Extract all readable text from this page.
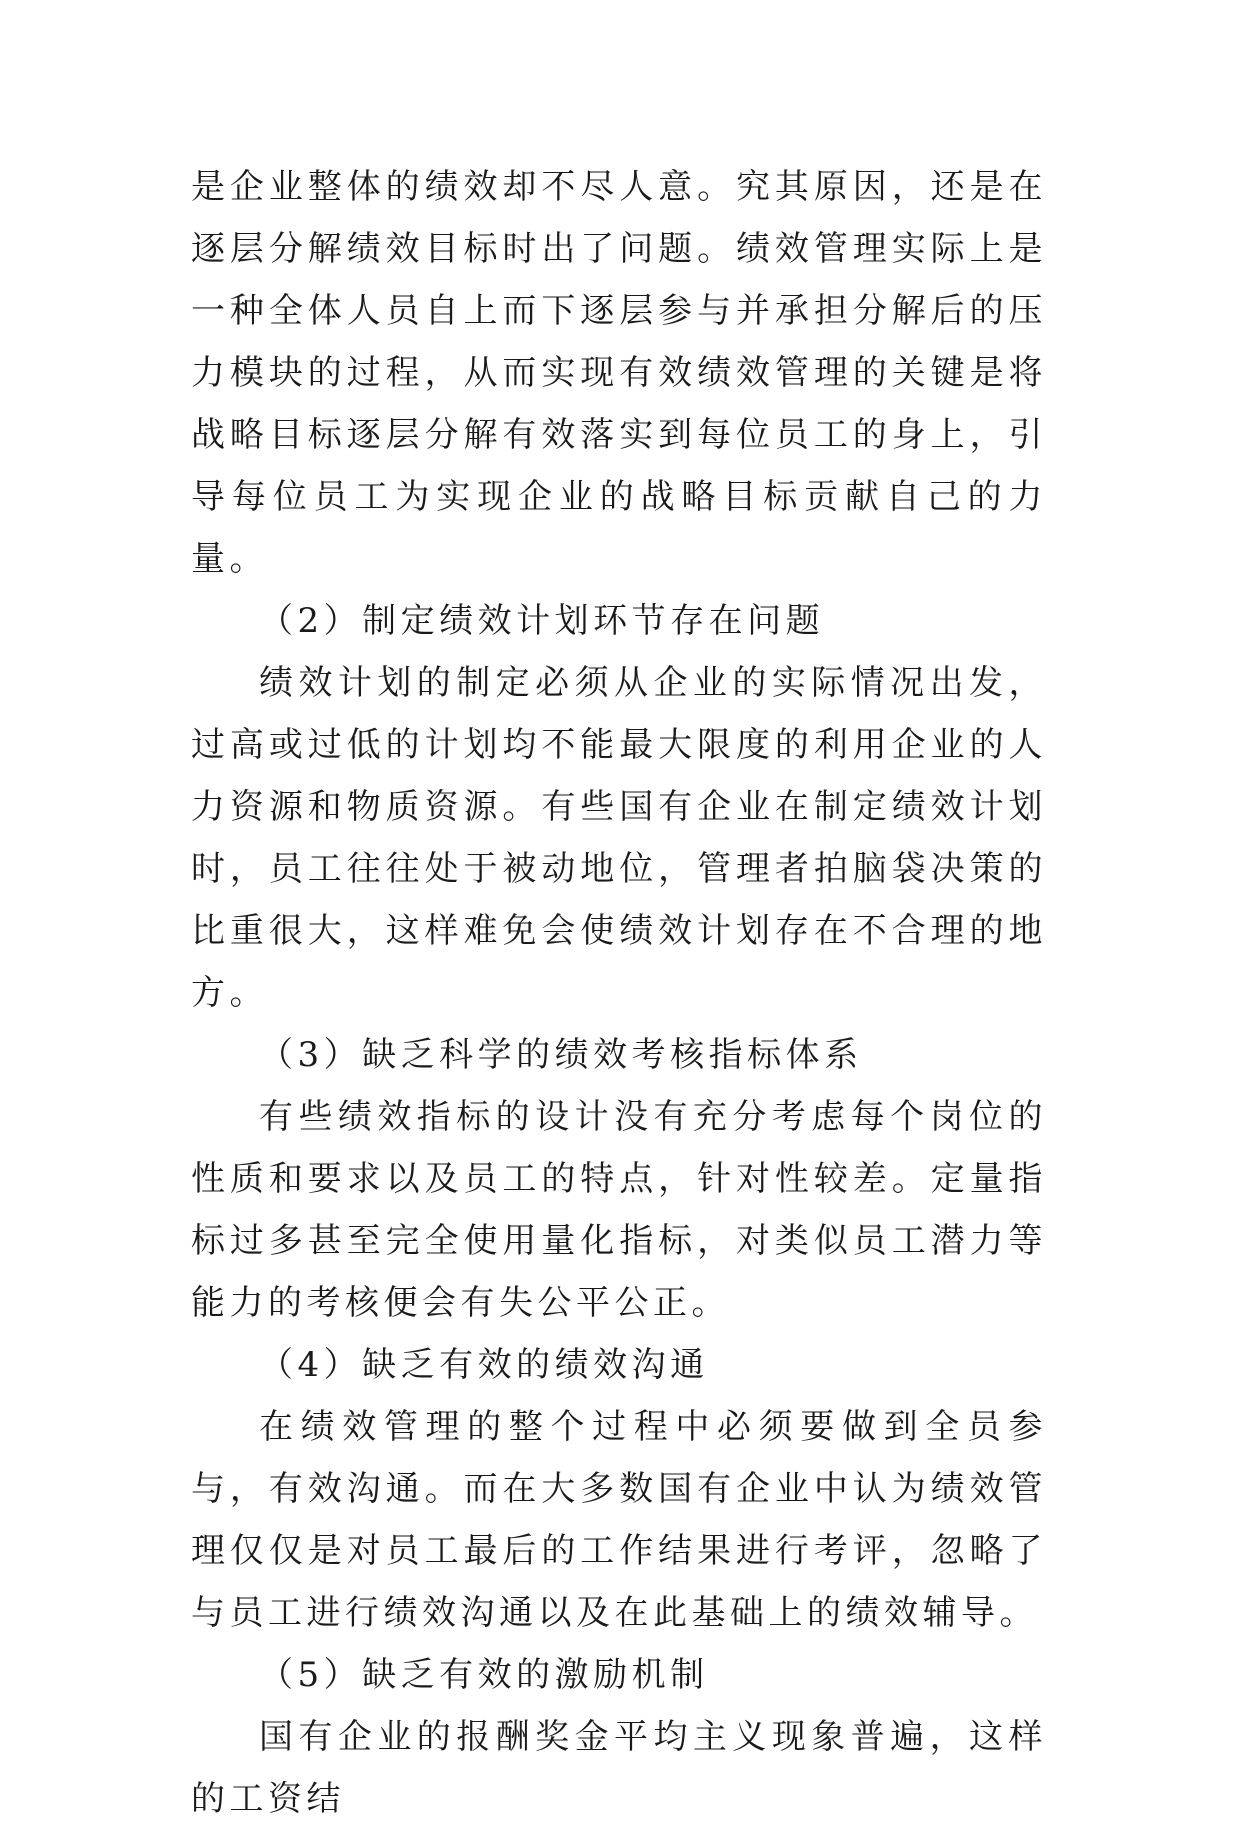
是企业整体的绩效却不尽人意。究其原因，还是在逐层分解绩效目标时出了问题。绩效管理实际上是一种全体人员自上而下逐层参与并承担分解后的压力模块的过程，从而实现有效绩效管理的关键是将战略目标逐层分解有效落实到每位员工的身上，引导每位员工为实现企业的战略目标贡献自己的力量。

（2）制定绩效计划环节存在问题

绩效计划的制定必须从企业的实际情况出发，过高或过低的计划均不能最大限度的利用企业的人力资源和物质资源。有些国有企业在制定绩效计划时，员工往往处于被动地位，管理者拍脑袋决策的比重很大，这样难免会使绩效计划存在不合理的地方。

（3）缺乏科学的绩效考核指标体系

有些绩效指标的设计没有充分考虑每个岗位的性质和要求以及员工的特点，针对性较差。定量指标过多甚至完全使用量化指标，对类似员工潜力等能力的考核便会有失公平公正。

（4）缺乏有效的绩效沟通

在绩效管理的整个过程中必须要做到全员参与，有效沟通。而在大多数国有企业中认为绩效管理仅仅是对员工最后的工作结果进行考评，忽略了与员工进行绩效沟通以及在此基础上的绩效辅导。

（5）缺乏有效的激励机制

国有企业的报酬奖金平均主义现象普遍，这样的工资结
